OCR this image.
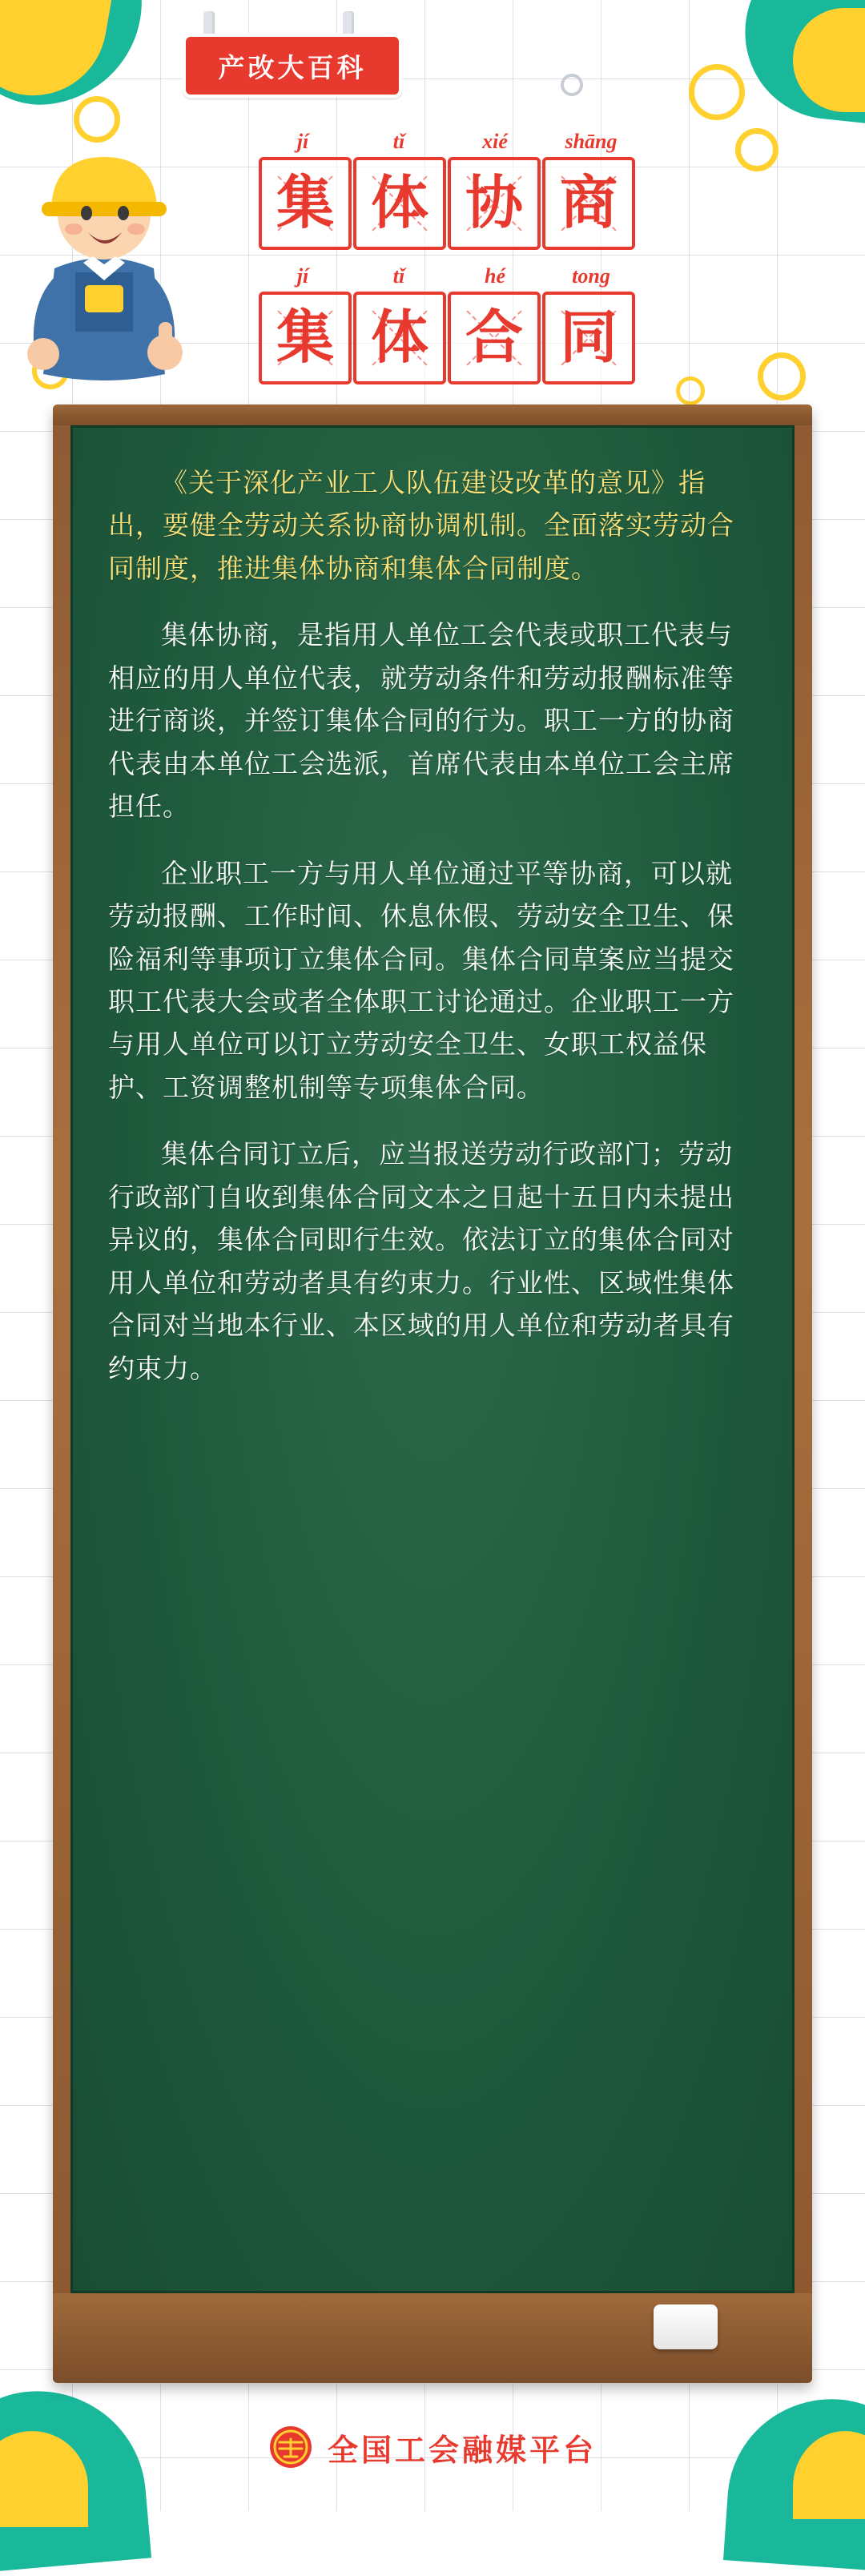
产改大百科
jí	tǐ	xié	shāng
集 体 协 商
jí	tǐ	hé	tong
集 体 合 同

《关于深化产业工人队伍建设改革的意见》指出，要健全劳动关系协商协调机制。全面落实劳动合同制度，推进集体协商和集体合同制度。

集体协商，是指用人单位工会代表或职工代表与相应的用人单位代表，就劳动条件和劳动报酬标准等进行商谈，并签订集体合同的行为。职工一方的协商代表由本单位工会选派，首席代表由本单位工会主席担任。

企业职工一方与用人单位通过平等协商，可以就劳动报酬、工作时间、休息休假、劳动安全卫生、保险福利等事项订立集体合同。集体合同草案应当提交职工代表大会或者全体职工讨论通过。企业职工一方与用人单位可以订立劳动安全卫生、女职工权益保护、工资调整机制等专项集体合同。

集体合同订立后，应当报送劳动行政部门；劳动行政部门自收到集体合同文本之日起十五日内未提出异议的，集体合同即行生效。依法订立的集体合同对用人单位和劳动者具有约束力。行业性、区域性集体合同对当地本行业、本区域的用人单位和劳动者具有约束力。

全国工会融媒平台
